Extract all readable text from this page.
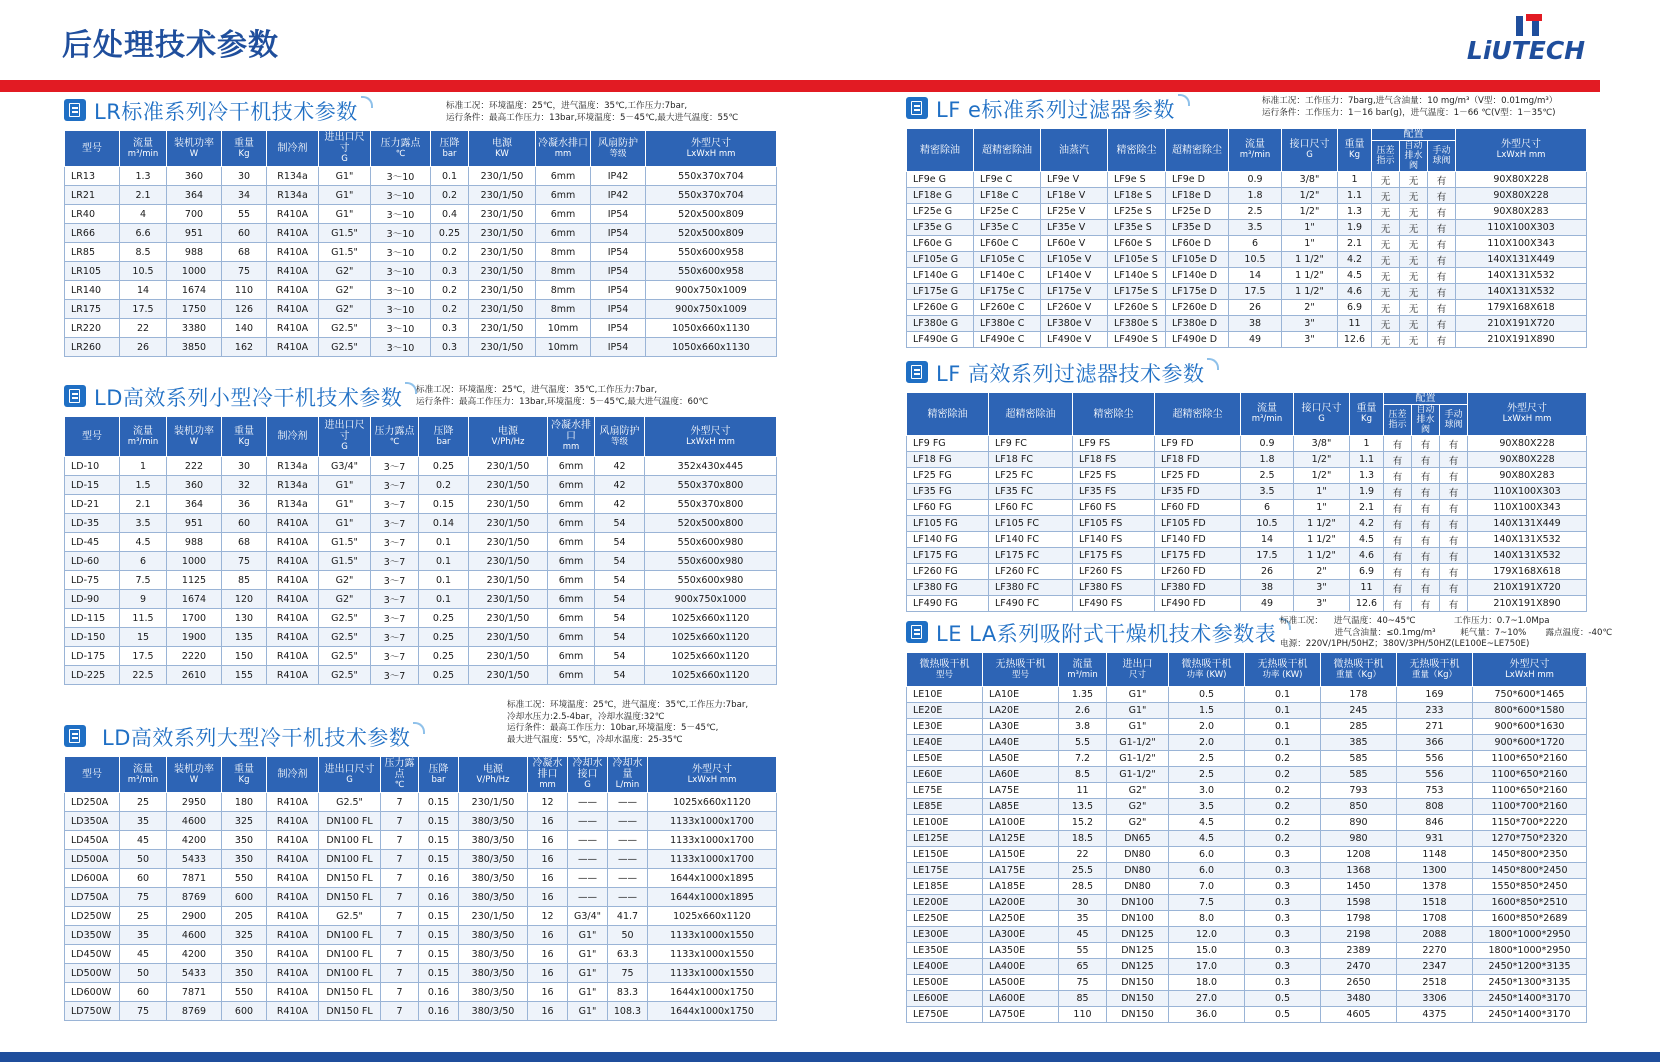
后处理技术参数	LiUTECH
LR标准系列冷干机技术参数	标准工况：环境温度：25℃，进气温度：35℃,工作压力:7bar,
运行条件：最高工作压力：13bar,环境温度：5－45℃,最大进气温度：55℃
型号	流量
m³/min	装机功率
W	重量
Kg	制冷剂	进出口尺寸
G	压力露点
℃	压降
bar	电源
KW	冷凝水排口
mm	风扇防护
等级	外型尺寸
LxWxH mm

LR13	1.3	360	30	R134a	G1"	3～10	0.1	230/1/50	6mm	IP42	550x370x704
LR21	2.1	364	34	R134a	G1"	3～10	0.2	230/1/50	6mm	IP42	550x370x704
LR40	4	700	55	R410A	G1"	3～10	0.4	230/1/50	6mm	IP54	520x500x809
LR66	6.6	951	60	R410A	G1.5"	3～10	0.25	230/1/50	6mm	IP54	520x500x809
LR85	8.5	988	68	R410A	G1.5"	3～10	0.2	230/1/50	8mm	IP54	550x600x958
LR105	10.5	1000	75	R410A	G2"	3～10	0.3	230/1/50	8mm	IP54	550x600x958
LR140	14	1674	110	R410A	G2"	3～10	0.2	230/1/50	8mm	IP54	900x750x1009
LR175	17.5	1750	126	R410A	G2"	3～10	0.2	230/1/50	8mm	IP54	900x750x1009
LR220	22	3380	140	R410A	G2.5"	3～10	0.3	230/1/50	10mm	IP54	1050x660x1130
LR260	26	3850	162	R410A	G2.5"	3～10	0.3	230/1/50	10mm	IP54	1050x660x1130
LD高效系列小型冷干机技术参数	标准工况：环境温度：25℃，进气温度：35℃,工作压力:7bar,
运行条件：最高工作压力：13bar,环境温度：5－45℃,最大进气温度：60℃
型号	流量
m³/min	装机功率
W	重量
Kg	制冷剂	进出口尺寸
G	压力露点
℃	压降
bar	电源
V/Ph/Hz	冷凝水排口
mm	风扇防护
等级	外型尺寸
LxWxH mm

LD-10	1	222	30	R134a	G3/4"	3～7	0.25	230/1/50	6mm	42	352x430x445
LD-15	1.5	360	32	R134a	G1"	3～7	0.2	230/1/50	6mm	42	550x370x800
LD-21	2.1	364	36	R134a	G1"	3～7	0.15	230/1/50	6mm	42	550x370x800
LD-35	3.5	951	60	R410A	G1"	3～7	0.14	230/1/50	6mm	54	520x500x800
LD-45	4.5	988	68	R410A	G1.5"	3～7	0.1	230/1/50	6mm	54	550x600x980
LD-60	6	1000	75	R410A	G1.5"	3～7	0.1	230/1/50	6mm	54	550x600x980
LD-75	7.5	1125	85	R410A	G2"	3～7	0.1	230/1/50	6mm	54	550x600x980
LD-90	9	1674	120	R410A	G2"	3～7	0.1	230/1/50	6mm	54	900x750x1000
LD-115	11.5	1700	130	R410A	G2.5"	3～7	0.25	230/1/50	6mm	54	1025x660x1120
LD-150	15	1900	135	R410A	G2.5"	3～7	0.25	230/1/50	6mm	54	1025x660x1120
LD-175	17.5	2220	150	R410A	G2.5"	3～7	0.25	230/1/50	6mm	54	1025x660x1120
LD-225	22.5	2610	155	R410A	G2.5"	3～7	0.25	230/1/50	6mm	54	1025x660x1120
标准工况：环境温度：25℃，进气温度：35℃,工作压力:7bar,
冷却水压力:2.5-4bar，冷却水温度:32℃
运行条件：最高工作压力：10bar,环境温度：5－45℃,
最大进气温度：55℃，冷却水温度：25-35℃
LD高效系列大型冷干机技术参数
型号	流量
m³/min	装机功率
W	重量
Kg	制冷剂	进出口尺寸
G	压力露点
℃	压降
bar	电源
V/Ph/Hz	冷凝水排口
mm	冷却水接口
G	冷却水量
L/min	外型尺寸
LxWxH mm

LD250A	25	2950	180	R410A	G2.5"	7	0.15	230/1/50	12	——	——	1025x660x1120
LD350A	35	4600	325	R410A	DN100 FL	7	0.15	380/3/50	16	——	——	1133x1000x1700
LD450A	45	4200	350	R410A	DN100 FL	7	0.15	380/3/50	16	——	——	1133x1000x1700
LD500A	50	5433	350	R410A	DN100 FL	7	0.15	380/3/50	16	——	——	1133x1000x1700
LD600A	60	7871	550	R410A	DN150 FL	7	0.16	380/3/50	16	——	——	1644x1000x1895
LD750A	75	8769	600	R410A	DN150 FL	7	0.16	380/3/50	16	——	——	1644x1000x1895
LD250W	25	2900	205	R410A	G2.5"	7	0.15	230/1/50	12	G3/4"	41.7	1025x660x1120
LD350W	35	4600	325	R410A	DN100 FL	7	0.15	380/3/50	16	G1"	50	1133x1000x1550
LD450W	45	4200	350	R410A	DN100 FL	7	0.15	380/3/50	16	G1"	63.3	1133x1000x1550
LD500W	50	5433	350	R410A	DN100 FL	7	0.15	380/3/50	16	G1"	75	1133x1000x1550
LD600W	60	7871	550	R410A	DN150 FL	7	0.16	380/3/50	16	G1"	83.3	1644x1000x1750
LD750W	75	8769	600	R410A	DN150 FL	7	0.16	380/3/50	16	G1"	108.3	1644x1000x1750
LF e标准系列过滤器参数	标准工况：工作压力：7barg,进气含油量：10 mg/m³（V型：0.01mg/m³）
运行条件：工作压力：1－16 bar(g)，进气温度：1－66 ℃(V型：1－35℃)
精密除油	超精密除油	油蒸汽	精密除尘	超精密除尘	流量
m³/min	接口尺寸
G	重量
Kg	配置			外型尺寸
LxWxH mm

								压差指示	自动排水阀	手动球阀	
LF9e G	LF9e C	LF9e V	LF9e S	LF9e D	0.9	3/8"	1	无	无	有	90X80X228
LF18e G	LF18e C	LF18e V	LF18e S	LF18e D	1.8	1/2"	1.1	无	无	有	90X80X228
LF25e G	LF25e C	LF25e V	LF25e S	LF25e D	2.5	1/2"	1.3	无	无	有	90X80X283
LF35e G	LF35e C	LF35e V	LF35e S	LF35e D	3.5	1"	1.9	无	无	有	110X100X303
LF60e G	LF60e C	LF60e V	LF60e S	LF60e D	6	1"	2.1	无	无	有	110X100X343
LF105e G	LF105e C	LF105e V	LF105e S	LF105e D	10.5	1 1/2"	4.2	无	无	有	140X131X449
LF140e G	LF140e C	LF140e V	LF140e S	LF140e D	14	1 1/2"	4.5	无	无	有	140X131X532
LF175e G	LF175e C	LF175e V	LF175e S	LF175e D	17.5	1 1/2"	4.6	无	无	有	140X131X532
LF260e G	LF260e C	LF260e V	LF260e S	LF260e D	26	2"	6.9	无	无	有	179X168X618
LF380e G	LF380e C	LF380e V	LF380e S	LF380e D	38	3"	11	无	无	有	210X191X720
LF490e G	LF490e C	LF490e V	LF490e S	LF490e D	49	3"	12.6	无	无	有	210X191X890
LF 高效系列过滤器技术参数
精密除油	超精密除油	精密除尘	超精密除尘	流量
m³/min	接口尺寸
G	重量
Kg	配置			外型尺寸
LxWxH mm

							压差指示	自动排水阀	手动球阀	
LF9 FG	LF9 FC	LF9 FS	LF9 FD	0.9	3/8"	1	有	有	有	90X80X228
LF18 FG	LF18 FC	LF18 FS	LF18 FD	1.8	1/2"	1.1	有	有	有	90X80X228
LF25 FG	LF25 FC	LF25 FS	LF25 FD	2.5	1/2"	1.3	有	有	有	90X80X283
LF35 FG	LF35 FC	LF35 FS	LF35 FD	3.5	1"	1.9	有	有	有	110X100X303
LF60 FG	LF60 FC	LF60 FS	LF60 FD	6	1"	2.1	有	有	有	110X100X343
LF105 FG	LF105 FC	LF105 FS	LF105 FD	10.5	1 1/2"	4.2	有	有	有	140X131X449
LF140 FG	LF140 FC	LF140 FS	LF140 FD	14	1 1/2"	4.5	有	有	有	140X131X532
LF175 FG	LF175 FC	LF175 FS	LF175 FD	17.5	1 1/2"	4.6	有	有	有	140X131X532
LF260 FG	LF260 FC	LF260 FS	LF260 FD	26	2"	6.9	有	有	有	179X168X618
LF380 FG	LF380 FC	LF380 FS	LF380 FD	38	3"	11	有	有	有	210X191X720
LF490 FG	LF490 FC	LF490 FS	LF490 FD	49	3"	12.6	有	有	有	210X191X890
LE LA系列吸附式干燥机技术参数表
标准工况：    进气温度：40~45℃              工作压力：0.7~1.0Mpa
进气含油量：≤0.1mg/m³         耗气量：7~10%       露点温度：-40℃
电源：220V/1PH/50HZ；380V/3PH/50HZ(LE100E~LE750E)
微热吸干机
型号	无热吸干机
型号	流量
m³/min	进出口
尺寸	微热吸干机
功率 (KW)	无热吸干机
功率 (KW)	微热吸干机
重量（Kg）	无热吸干机
重量（Kg）	外型尺寸
LxWxH mm

LE10E	LA10E	1.35	G1"	0.5	0.1	178	169	750*600*1465
LE20E	LA20E	2.6	G1"	1.5	0.1	245	233	800*600*1580
LE30E	LA30E	3.8	G1"	2.0	0.1	285	271	900*600*1630
LE40E	LA40E	5.5	G1-1/2"	2.0	0.1	385	366	900*600*1720
LE50E	LA50E	7.2	G1-1/2"	2.5	0.2	585	556	1100*650*2160
LE60E	LA60E	8.5	G1-1/2"	2.5	0.2	585	556	1100*650*2160
LE75E	LA75E	11	G2"	3.0	0.2	793	753	1100*650*2160
LE85E	LA85E	13.5	G2"	3.5	0.2	850	808	1100*700*2160
LE100E	LA100E	15.2	G2"	4.5	0.2	890	846	1150*700*2220
LE125E	LA125E	18.5	DN65	4.5	0.2	980	931	1270*750*2320
LE150E	LA150E	22	DN80	6.0	0.3	1208	1148	1450*800*2350
LE175E	LA175E	25.5	DN80	6.0	0.3	1368	1300	1450*800*2450
LE185E	LA185E	28.5	DN80	7.0	0.3	1450	1378	1550*850*2450
LE200E	LA200E	30	DN100	7.5	0.3	1598	1518	1600*850*2510
LE250E	LA250E	35	DN100	8.0	0.3	1798	1708	1600*850*2689
LE300E	LA300E	45	DN125	12.0	0.3	2198	2088	1800*1000*2950
LE350E	LA350E	55	DN125	15.0	0.3	2389	2270	1800*1000*2950
LE400E	LA400E	65	DN125	17.0	0.3	2470	2347	2450*1200*3135
LE500E	LA500E	75	DN150	18.0	0.3	2650	2518	2450*1300*3135
LE600E	LA600E	85	DN150	27.0	0.5	3480	3306	2450*1400*3170
LE750E	LA750E	110	DN150	36.0	0.5	4605	4375	2450*1400*3170
